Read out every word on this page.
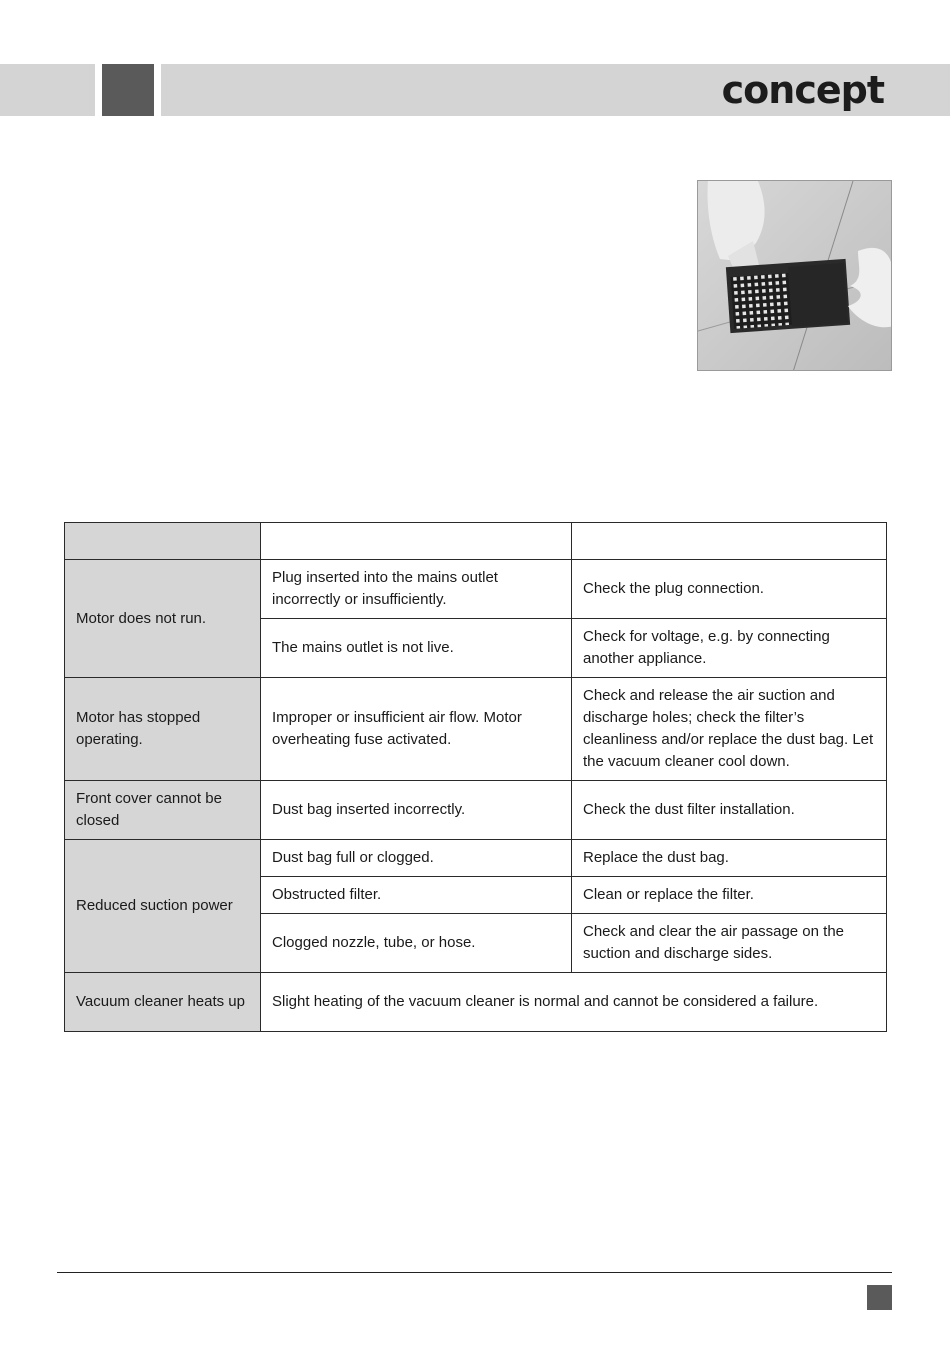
concept

Motor does not run.	Plug inserted into the mains outlet incorrectly or insufficiently.	Check the plug connection.
	The mains outlet is not live.	Check for voltage, e.g. by connecting another appliance.
Motor has stopped operating.	Improper or insufficient air flow. Motor overheating fuse activated.	Check and release the air suction and discharge holes; check the filter’s cleanliness and/or replace the dust bag. Let the vacuum cleaner cool down.
Front cover cannot be closed	Dust bag inserted incorrectly.	Check the dust filter installation.
Reduced suction power	Dust bag full or clogged.	Replace the dust bag.
	Obstructed filter.	Clean or replace the filter.
	Clogged nozzle, tube, or hose.	Check and clear the air passage on the suction and discharge sides.
Vacuum cleaner heats up	Slight heating of the vacuum cleaner is normal and cannot be considered a failure.	
